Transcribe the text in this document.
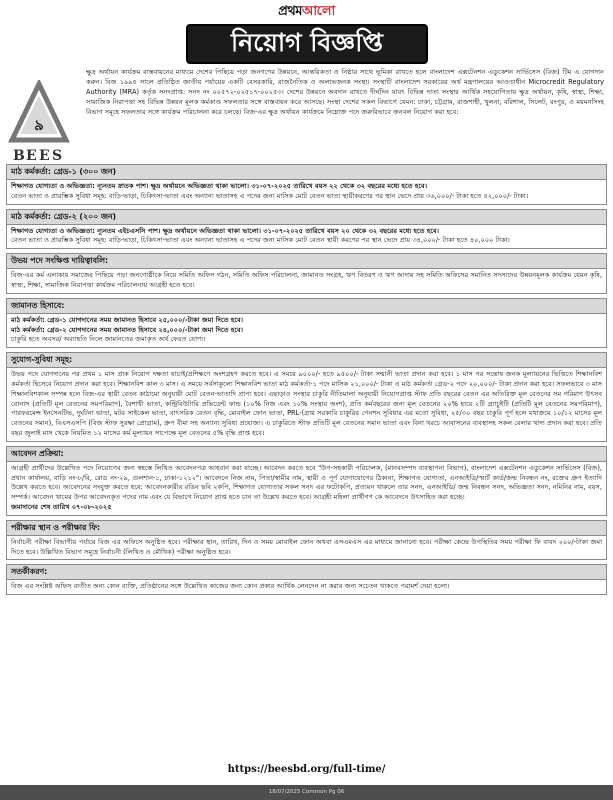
প্রথমআলো
নিয়োগ বিজ্ঞপ্তি
৯
B E E S
ক্ষুদ্র অর্থায়ন কার্যক্রম বাস্তবায়নের মাধ্যমে দেশের পিছিয়ে পড়া জনগণের উন্নয়নে, আন্তরিকতা ও নিষ্ঠার সাথে ভূমিকা রাখতে হলে বাংলাদেশ এক্সটেনশন এডুকেশন সার্ভিসেস (বিজ) টিম এ যোগদান করুন। বিজ ১৯৯৫ সালে প্রতিষ্ঠিত জাতীয় পর্যায়ের একটি বেসরকারি, রাজনৈতিক ও অলাভজনক সংস্থা। সংস্থাটি বাংলাদেশ সরকারের অর্থ মন্ত্রণালয়ের আওতাধীন Microcredit Regulatory Authority (MRA) কর্তৃক সনদপ্রাপ্ত: সনদ নং ০০৫৭২-০২৫১৭-০০২৫৩। দেশের উন্নয়নে অবদান রাখতে দীর্ঘদিন যাবৎ বিভিন্ন দাতা সংস্থার আর্থিক সহযোগিতায় ক্ষুদ্র অর্থায়ন, কৃষি, স্বাস্থ্য, শিক্ষা, সামাজিক নিরাপত্তা সহ বিভিন্ন উন্নয়ন মূলক কর্মকাণ্ড সফলতার সঙ্গে বাস্তবায়ন করে আসছে। সংস্থা দেশের সকল বিভাগে যেমন: ঢাকা, চট্টগ্রাম, রাজশাহী, খুলনা, বরিশাল, সিলেট, রংপুর, ও ময়মনসিংহ বিভাগ সমূহে সফলতার সঙ্গে কার্যক্রম পরিচালনা করে চলছে। বিজ-এর ক্ষুদ্র অর্থায়ন কার্যক্রমে নিম্নোক্ত পদে জরুরিভাবে জনবল নিয়োগ করা হবে:
মাঠ কর্মকর্তা: গ্রেড-১ (৩০০ জন)

শিক্ষাগত যোগ্যতা ও অভিজ্ঞতা: ন্যূনতম স্নাতক পাশ। ক্ষুদ্র অর্থায়নে অভিজ্ঞতা থাকা ভালো। ৩১-০৭-২০২৫ তারিখে বয়স ২২ থেকে ৩২ বছরের মধ্যে হতে হবে।

বেতন ভাতা ও প্রারম্ভিক সুবিধা সমূহ: বাড়ি-ভাড়া, চিকিৎসা-ভাতা এবং অন্যান্য ভাতাসহ এ পদের জন্য মাসিক মোট বেতন ভাতা স্থায়ীকরণের পর স্থান ভেদে প্রায় ৩৬,০০০/- টাকা হতে ৪২,০০০/- টাকা।

মাঠ কর্মকর্তা: গ্রেড-২ (২০০ জন)

শিক্ষাগত যোগ্যতা ও অভিজ্ঞতা: ন্যূনতম এইচএসসি পাশ। ক্ষুদ্র অর্থায়নে অভিজ্ঞতা থাকা ভালো। ৩১-০৭-২০২৫ তারিখে বয়স ২০ থেকে ৩২ বছরের মধ্যে হতে হবে।

বেতন ভাতা ও প্রারম্ভিক সুবিধা সমূহ: বাড়ি-ভাড়া, চিকিৎসা-ভাতা এবং অন্যান্য ভাতাসহ এ পদের জন্য মাসিক মোট বেতন স্থায়ী করণের পর স্থান ভেদে প্রায় ৩৪,০০০/- টাকা হতে ৪০,০০০ টাকা।

উভয় পদে সংক্ষিপ্ত দায়িত্বাবলি:
বিজ-এর কর্ম এলাকায় সমাজের পিছিয়ে পড়া জনগোষ্ঠীকে নিয়ে সমিতি অফিস গঠন, সমিতি অফিস পরিচালনা, জামানত সংগ্রহ, ঋণ বিতরণ ও ঋণ আদায় সহ সমিতি অফিসের সমানিত সদস্যদের উন্নয়নমূলক কার্যক্রম যেমন কৃষি, স্বাস্থ্য, শিক্ষা, সামাজিক নিরাপত্তা কার্যক্রম পরিচালনায় আগ্রহী হতে হবে।
জামানত হিসাবে:

মাঠ কর্মকর্তা: গ্রেড-১ যোগদানের সময় জামানত হিসাবে ২৫,০০০/-টাকা জমা দিতে হবে।

মাঠ কর্মকর্তা: গ্রেড-২ যোগদানের সময় জামানত হিসাবে ২৪,০০০/-টাকা জমা দিতে হবে।

চাকুরি হতে অবসর/ অব্যাহতি নিলে জামানতের জমাকৃত অর্থ ফেরত যোগ্য।

সুযোগ-সুবিধা সমূহ:
উভয় পদে যোগদানের পর প্রথম ১ মাস প্রাক নিয়োগ দক্ষতা যাচাই/প্রশিক্ষণে অংশগ্রহণ করতে হবে। এ সময়ে ৯০০০/- হতে ৯৫০০/- টাকা সম্মানী ভাতা প্রদান করা হবে। ১ মাস পর সন্তোষ জনক মূল্যায়নের ভিত্তিতে শিক্ষানবিশ কর্মকর্তা হিসেবে নিয়োগ প্রদান করা হবে। শিক্ষানবিশ কাল ৩ মাস। এ সময়ে সর্বসাকুল্যে শিক্ষানবিশ ভাতা মাঠ কর্মকর্তা-১ পদে মাসিক ২১,০০০/- টাকা ও মাঠ কর্মকর্তা গ্রেড-২ পদে ২০,০০০/- টাকা প্রদান করা হবে। সফলভাবে ৩ মাস শিক্ষানবিশকাল সম্পন্ন হলে বিজ-এর স্থায়ী বেতন কাঠামো অনুযায়ী মোট বেতন-ভাতাদি প্রাপ্য হবে। এছাড়াও সংস্থার চাকুরি নীতিমালা অনুযায়ী নিয়োগপ্রাপ্ত স্টাফ প্রতি বছরের বেতন এর অতিরিক্ত মূল বেতনের সম পরিমাণ উৎসব বোনাস (প্রতিটি মূল বেতনের সমপরিমাণ), বৈশাখী ভাতা, কন্ট্রিবিউটারি প্রভিডেন্ট ফান্ড (১০% নিজ এবং ১০% সংস্থার অংশ), প্রতি কর্মবছরের জন্য মূল বেতনের ২০% হারে ২টি গ্র্যাচুইটি (প্রতিটি মূল বেতনের সমপরিমাণ), পারফরমেন্স ইনসেনটিভ, দুর্ঘটনা ভাতা, মটর সাইকেল ভাতা, বাৎসরিক বেতন বৃদ্ধি, মোবাইল ফোন ভাতা, PRL-(গ্রায় সরকারি চাকুরির পেনশন সুবিধার এর মতো সুবিধা, ২৫/৩০ বছর চাকুরি পূর্ণ হলে যথাক্রমে ১০/১২ মাসের মূল বেতনের সমান), বিএসএসপি (বিজ স্টাফ সুরক্ষা প্রোগ্রাম), গ্রুপ বীমা সহ অন্যান্য সুবিধা প্রযোজ্য। এ চাকুরিতে স্টাফ প্রতিটি মূল বেতনের সমান ভাতা এবং বিনা খরচে আবাসনের ব্যবস্থাসহ সকল বেলার খাদ্য প্রদান করা হবে। প্রতি বছর জুলাই মাস থেকে নিয়মিত ১২ মাসের কর্ম মূল্যায়ন সাপেক্ষে মূল বেতনের ৫% বৃদ্ধি প্রাপ্ত হবে।
আবেদন প্রক্রিয়া:

আগ্রহী প্রার্থীদের উল্লেখিত পদে নিয়োগের জন্য স্বহস্তে লিখিত আবেদনপত্র আহবান করা যাচ্ছে। আবেদন করতে হবে "উপ-সহকারী পরিচালক, (মানবসম্পদ ব্যবস্থাপনা বিভাগ), বাংলাদেশ এক্সটেনশন এডুকেশন সার্ভিসেস (বিজ), প্রধান কার্যালয়, বাড়ি নং-৮/বি, রোড নং-২৯, গুলশান-১, ঢাকা-১২১২"। আবেদনে নিজ নাম, পিতা/স্বামীর নাম, স্থায়ী ও পূর্ণ যোগাযোগের ঠিকানা, শিক্ষাগত যোগ্যতা, এনআইডি/স্মার্ট কার্ড/জন্ম নিবন্ধন নং, রক্তের গ্রুপ ইত্যাদি উল্লেখ করতে হবে। আবেদনের সংযুক্ত করতে হবে: আবেদনকারীর রঙিন ছবি ২কপি, শিক্ষাগত যোগ্যতার সকল সনদ এর ফটোকপি, প্রত্যয়ন থাকলে তার সনদ, এনআইডি/ জন্ম নিবন্ধন সনদ, অভিজ্ঞতা সনদ, নমিনির নাম, বয়স, সম্পর্ক। আবেদন খামের উপর আবেদনকৃত পদের নাম এবং যে বিভাগে নিয়োগ প্রাপ্ত হতে চান তা উল্লেখ করতে হবে। আগ্রহী মহিলা প্রার্থীগণ কে আবেদনে উৎসাহিত করা হচ্ছে।

জমাদানের শেষ তারিখ ০৭-০৮-২০২৫

পরীক্ষার স্থান ও পরীক্ষার ফি:
নির্বাচনী পরীক্ষা বিভাগীয় পর্যায়ে বিজ এর অফিসে অনুষ্ঠিত হবে। পরীক্ষার স্থান, তারিখ, দিন ও সময় মোবাইল ফোন অথবা এসএমএস এর মাধ্যমে জানানো হবে। পরীক্ষা কেন্দ্রে উপস্থিতির সময় পরীক্ষা ফি বাবদ ২০০/-টাকা জমা দিতে হবে। উল্লিখিত বিভাগ সমূহে নির্বাচনী (লিখিত ও মৌখিক) পরীক্ষা অনুষ্ঠিত হবে।
সতর্কীকরণ:
বিজ এর সংশ্লিষ্ট অফিস ব্যতীত অন্য কোন ব্যক্তি, প্রতিষ্ঠানের সঙ্গে উল্লেখিত কাজের জন্য কোন প্রকার আর্থিক লেনদেন না করার জন্য সচেতন থাকতে পরামর্শ দেয়া হলো।
https://beesbd.org/full-time/
18/07/2025 Common Pg 06
